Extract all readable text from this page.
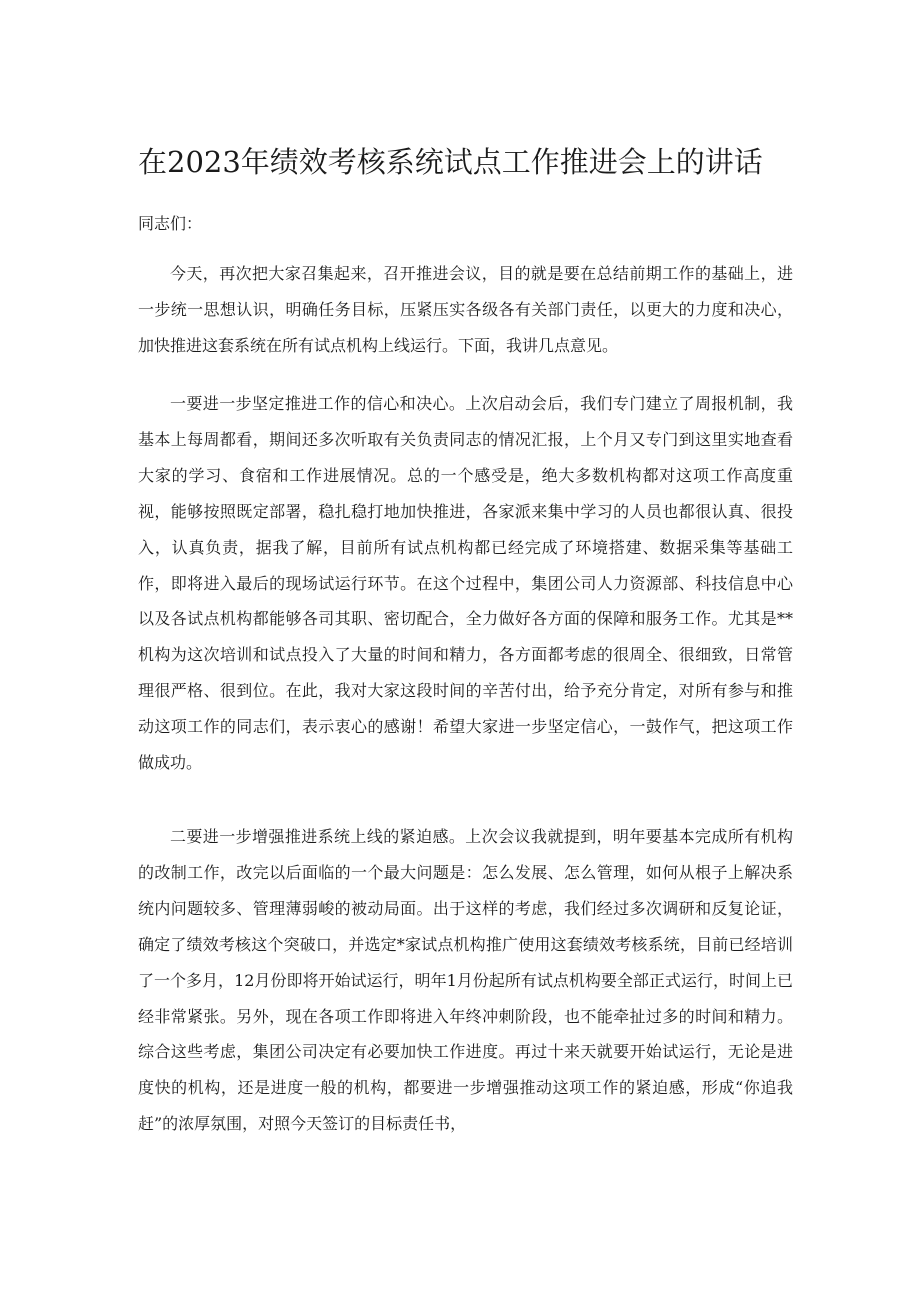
在2023年绩效考核系统试点工作推进会上的讲话

同志们：

今天，再次把大家召集起来，召开推进会议，目的就是要在总结前期工作的基础上，进一步统一思想认识，明确任务目标，压紧压实各级各有关部门责任，以更大的力度和决心，加快推进这套系统在所有试点机构上线运行。下面，我讲几点意见。

一要进一步坚定推进工作的信心和决心。上次启动会后，我们专门建立了周报机制，我基本上每周都看，期间还多次听取有关负责同志的情况汇报，上个月又专门到这里实地查看大家的学习、食宿和工作进展情况。总的一个感受是，绝大多数机构都对这项工作高度重视，能够按照既定部署，稳扎稳打地加快推进，各家派来集中学习的人员也都很认真、很投入，认真负责，据我了解，目前所有试点机构都已经完成了环境搭建、数据采集等基础工作，即将进入最后的现场试运行环节。在这个过程中，集团公司人力资源部、科技信息中心以及各试点机构都能够各司其职、密切配合，全力做好各方面的保障和服务工作。尤其是**机构为这次培训和试点投入了大量的时间和精力，各方面都考虑的很周全、很细致，日常管理很严格、很到位。在此，我对大家这段时间的辛苦付出，给予充分肯定，对所有参与和推动这项工作的同志们，表示衷心的感谢！希望大家进一步坚定信心，一鼓作气，把这项工作做成功。

二要进一步增强推进系统上线的紧迫感。上次会议我就提到，明年要基本完成所有机构的改制工作，改完以后面临的一个最大问题是：怎么发展、怎么管理，如何从根子上解决系统内问题较多、管理薄弱峻的被动局面。出于这样的考虑，我们经过多次调研和反复论证，确定了绩效考核这个突破口，并选定*家试点机构推广使用这套绩效考核系统，目前已经培训了一个多月，12月份即将开始试运行，明年1月份起所有试点机构要全部正式运行，时间上已经非常紧张。另外，现在各项工作即将进入年终冲刺阶段，也不能牵扯过多的时间和精力。综合这些考虑，集团公司决定有必要加快工作进度。再过十来天就要开始试运行，无论是进度快的机构，还是进度一般的机构，都要进一步增强推动这项工作的紧迫感，形成“你追我赶”的浓厚氛围，对照今天签订的目标责任书，
